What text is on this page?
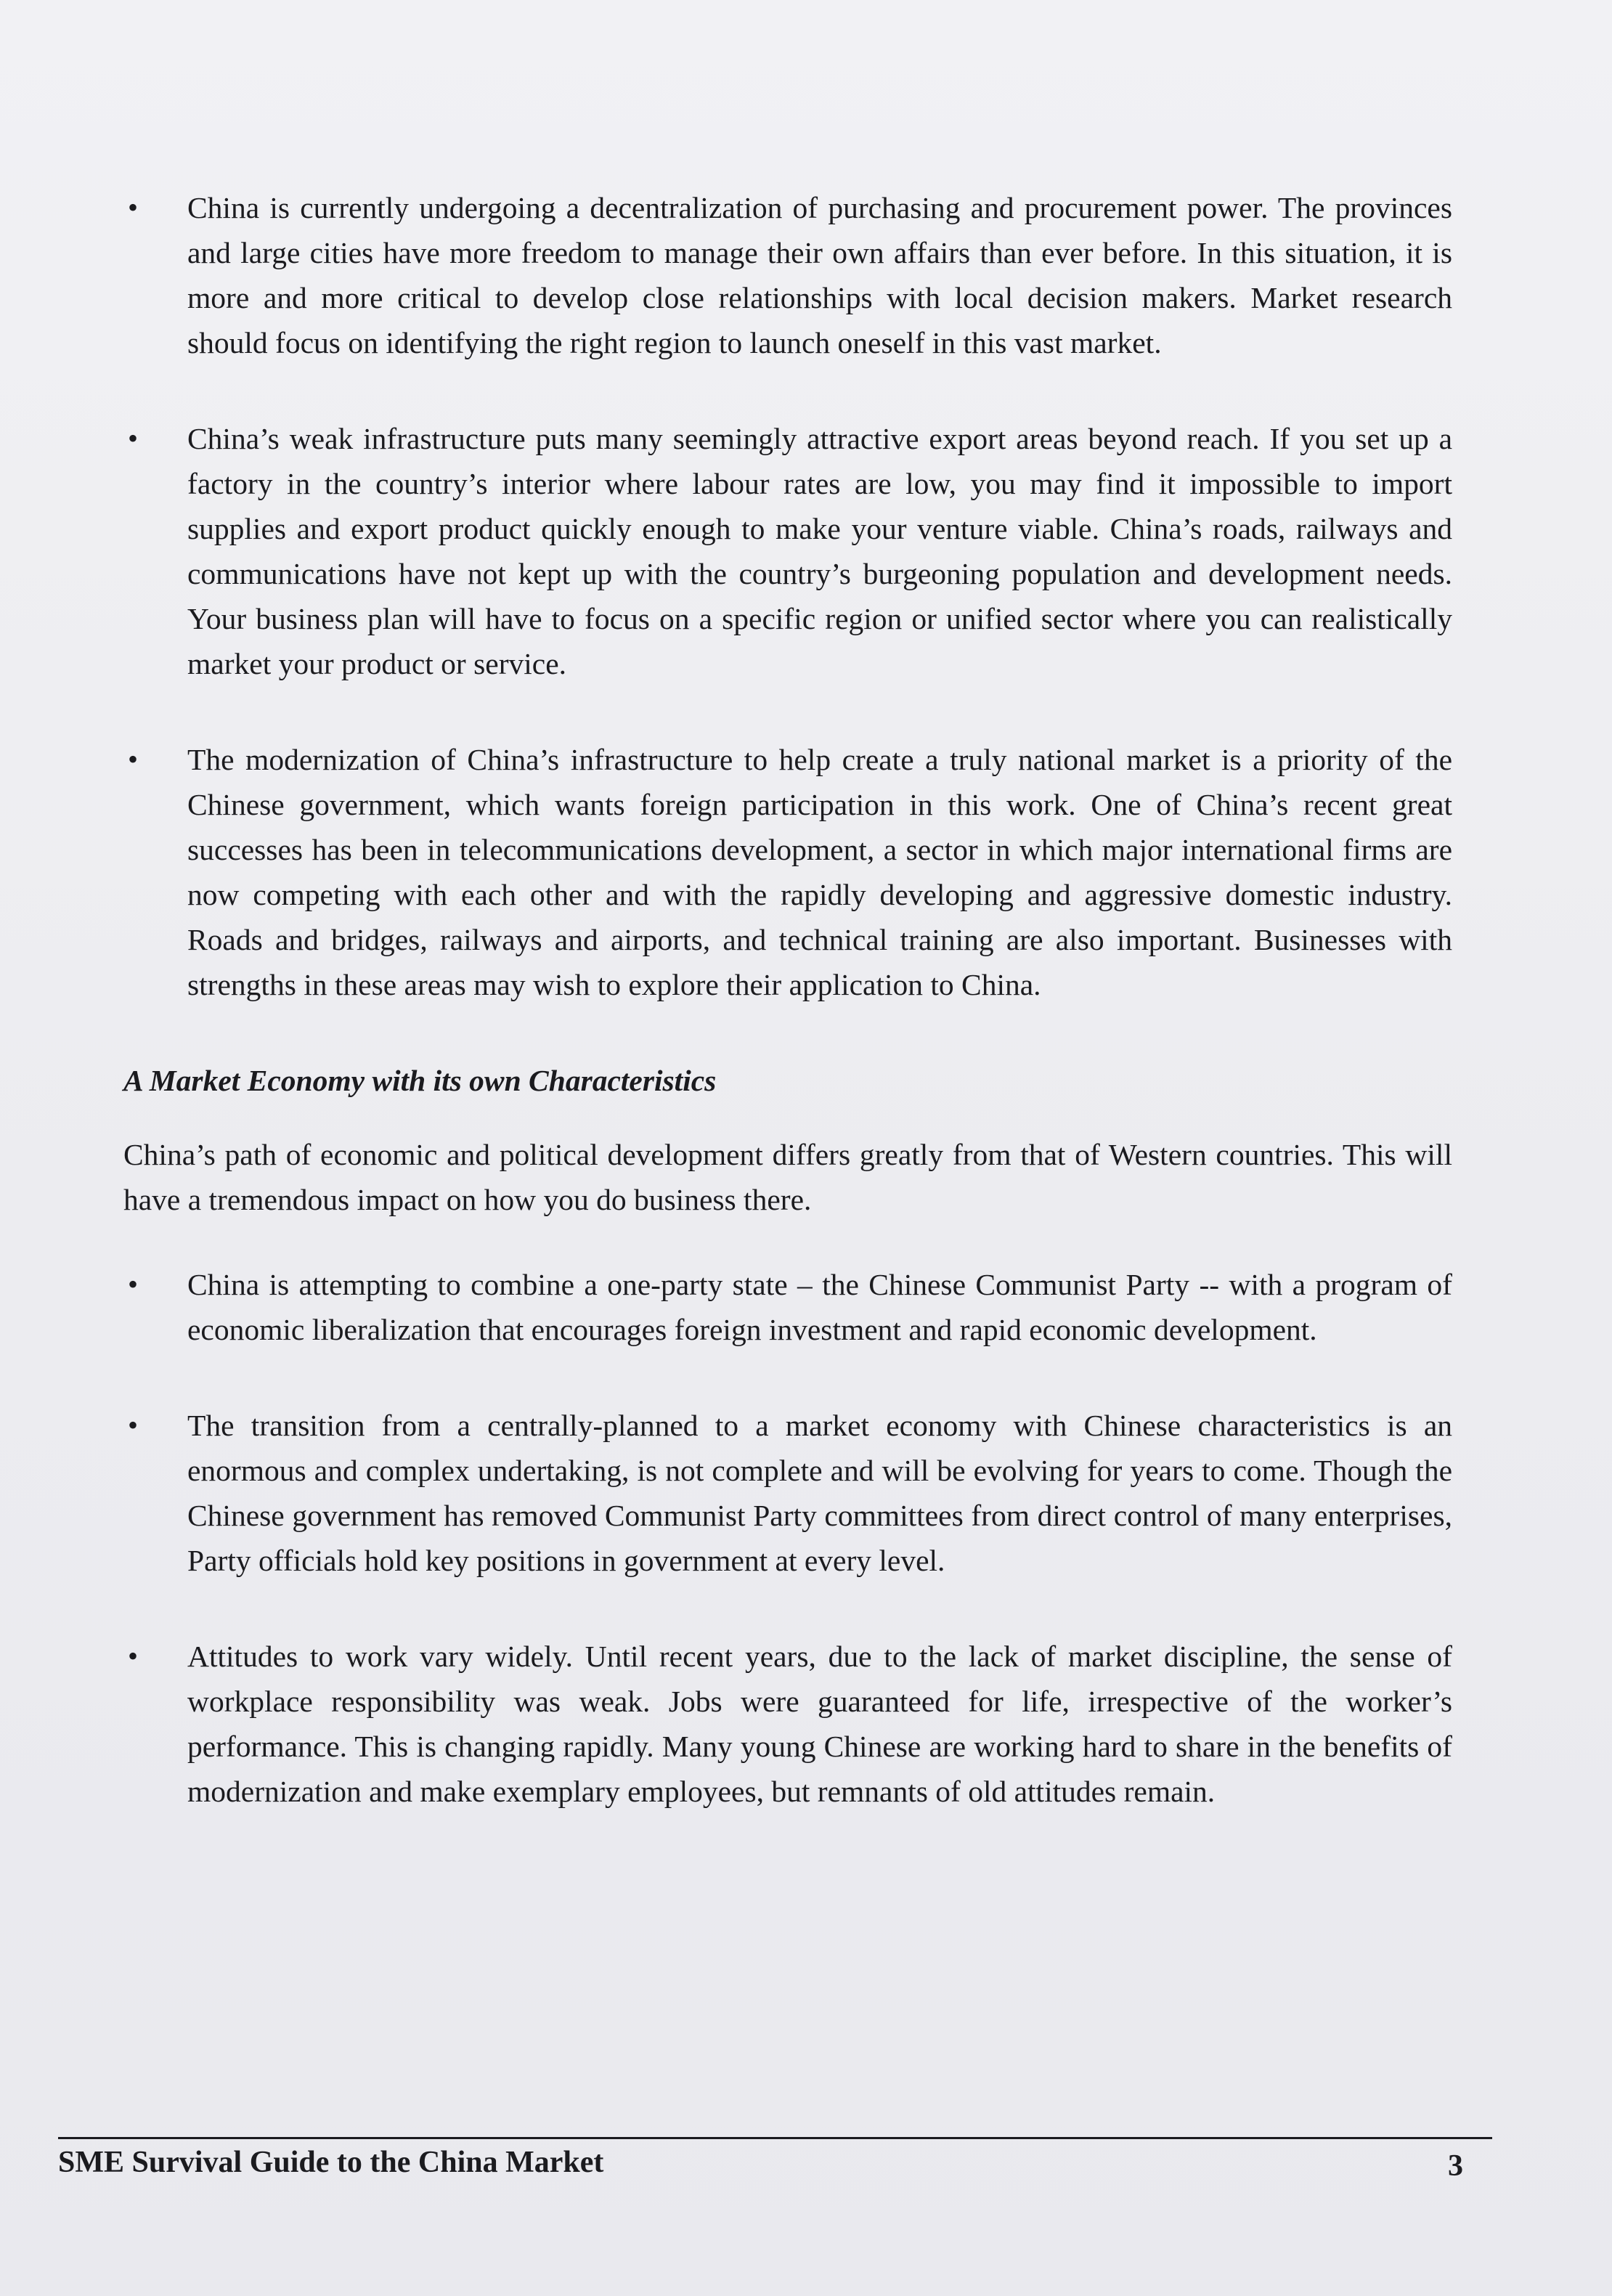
• China is currently undergoing a decentralization of purchasing and procurement power. The provinces and large cities have more freedom to manage their own affairs than ever before. In this situation, it is more and more critical to develop close relationships with local decision makers. Market research should focus on identifying the right region to launch oneself in this vast market.

• China’s weak infrastructure puts many seemingly attractive export areas beyond reach. If you set up a factory in the country’s interior where labour rates are low, you may find it impossible to import supplies and export product quickly enough to make your venture viable. China’s roads, railways and communications have not kept up with the country’s burgeoning population and development needs. Your business plan will have to focus on a specific region or unified sector where you can realistically market your product or service.

• The modernization of China’s infrastructure to help create a truly national market is a priority of the Chinese government, which wants foreign participation in this work. One of China’s recent great successes has been in telecommunications development, a sector in which major international firms are now competing with each other and with the rapidly developing and aggressive domestic industry. Roads and bridges, railways and airports, and technical training are also important. Businesses with strengths in these areas may wish to explore their application to China.

A Market Economy with its own Characteristics

China’s path of economic and political development differs greatly from that of Western countries. This will have a tremendous impact on how you do business there.

• China is attempting to combine a one-party state – the Chinese Communist Party -- with a program of economic liberalization that encourages foreign investment and rapid economic development.

• The transition from a centrally-planned to a market economy with Chinese characteristics is an enormous and complex undertaking, is not complete and will be evolving for years to come. Though the Chinese government has removed Communist Party committees from direct control of many enterprises, Party officials hold key positions in government at every level.

• Attitudes to work vary widely. Until recent years, due to the lack of market discipline, the sense of workplace responsibility was weak. Jobs were guaranteed for life, irrespective of the worker’s performance. This is changing rapidly. Many young Chinese are working hard to share in the benefits of modernization and make exemplary employees, but remnants of old attitudes remain.

SME Survival Guide to the China Market	3
